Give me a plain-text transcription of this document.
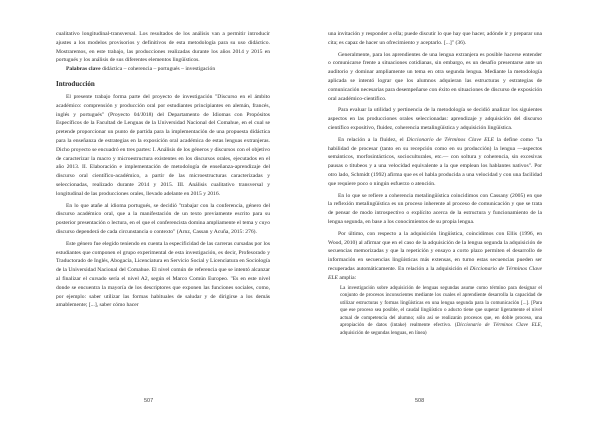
cualitativo longitudinal-transversal. Los resultados de los análisis van a permitir introducir ajustes a los modelos provisorios y definitivos de esta metodología para su uso didáctico. Mostraremos, en este trabajo, las producciones realizadas durante los años 2014 y 2015 en portugués y los análisis de sus diferentes elementos lingüísticos.

Palabras clave didáctica – coherencia – portugués – investigación

Introducción

El presente trabajo forma parte del proyecto de investigación "Discurso en el ámbito académico: comprensión y producción oral por estudiantes principiantes en alemán, francés, inglés y portugués" (Proyecto 04/J018) del Departamento de Idiomas con Propósitos Específicos de la Facultad de Lenguas de la Universidad Nacional del Comahue, en el cual se pretende proporcionar un punto de partida para la implementación de una propuesta didáctica para la enseñanza de estrategias en la exposición oral académica de estas lenguas extranjeras. Dicho proyecto se encuadró en tres partes: I. Análisis de los géneros y discursos con el objetivo de caracterizar la macro y microestructura existentes en los discursos orales, ejecutados en el año 2013. II. Elaboración e implementación de metodología de enseñanza-aprendizaje del discurso oral científico-académico, a partir de las microestructuras caracterizadas y seleccionadas, realizado durante 2014 y 2015. III. Análisis cualitativo transversal y longitudinal de las producciones orales, llevado adelante en 2015 y 2016.

En lo que atañe al idioma portugués, se decidió "trabajar con la conferencia, género del discurso académico oral, que a la manifestación de un texto previamente escrito para su posterior presentación o lectura, en el que el conferencista domina ampliamente el tema y cuyo discurso dependerá de cada circunstancia o contexto" (Arnz, Cassan y Acuña, 2015: 276).

Este género fue elegido teniendo en cuenta la especificidad de las carreras cursadas por los estudiantes que componen el grupo experimental de esta investigación, es decir, Profesorado y Traductorado de Inglés, Abogacía, Licenciatura en Servicio Social y Licenciatura en Sociología de la Universidad Nacional del Comahue. El nivel común de referencia que se intentó alcanzar al finalizar el cursado sería el nivel A2, según el Marco Común Europeo. "Es en este nivel donde se encuentra la mayoría de los descriptores que exponen las funciones sociales, como, por ejemplo: saber utilizar las formas habituales de saludar y de dirigirse a los demás amablemente; [...], saber cómo hacer

507

una invitación y responder a ella; puede discutir lo que hay que hacer, adónde ir y preparar una cita; es capaz de hacer un ofrecimiento y aceptarlo. [...]" (36).

Generalmente, para los aprendientes de una lengua extranjera es posible hacerse entender o comunicarse frente a situaciones cotidianas, sin embargo, es un desafío presentarse ante un auditorio y dominar ampliamente un tema en otra segunda lengua. Mediante la metodología aplicada se intentó lograr que los alumnos adquieran las estructuras y estrategias de comunicación necesarias para desempeñarse con éxito en situaciones de discurso de exposición oral académico-científico.

Para evaluar la utilidad y pertinencia de la metodología se decidió analizar los siguientes aspectos en las producciones orales seleccionadas: aprendizaje y adquisición del discurso científico expositivo, fluidez, coherencia metalingüística y adquisición lingüística.

En relación a la fluidez, el Diccionario de Términos Clave ELE la define como "la habilidad de procesar (tanto en su recepción como en su producción) la lengua —aspectos semánticos, morfosintácticos, socioculturales, etc.— con soltura y coherencia, sin excesivas pausas o titubeos y a una velocidad equivalente a la que emplean los hablantes nativos". Por otro lado, Schmidt (1992) afirma que es el habla producida a una velocidad y con una facilidad que requiere poco o ningún esfuerzo o atención.

En lo que se refiere a coherencia metalingüística coincidimos con Cassany (2005) en que la reflexión metalingüística es un proceso inherente al proceso de comunicación y que se trata de pensar de modo introspectivo o explícito acerca de la estructura y funcionamiento de la lengua segunda, en base a los conocimientos de su propia lengua.

Por último, con respecto a la adquisición lingüística, coincidimos con Ellis (1996, en Wood, 2010) al afirmar que en el caso de la adquisición de la lengua segunda la adquisición de secuencias memorizadas y que la repetición y ensayo a corto plazo permiten el desarrollo de información en secuencias lingüísticas más extensas, en turno estas secuencias pueden ser recuperadas automáticamente. En relación a la adquisición el Diccionario de Términos Clave ELE amplia:

La investigación sobre adquisición de lenguas segundas asume como término para designar el conjunto de procesos inconscientes mediante los cuales el aprendiente desarrolla la capacidad de utilizar estructuras y formas lingüísticas en una lengua segunda para la comunicación [...]. [Para que ese proceso sea posible, el caudal lingüístico o aducto tiene que superar ligeramente el nivel actual de competencia del alumno; sólo así se realizarán procesos que, en doble proceso, una apropiación de datos (intake) realmente efectivo. (Diccionario de Términos Clave ELE, adquisición de segundas lenguas, en línea)
508
